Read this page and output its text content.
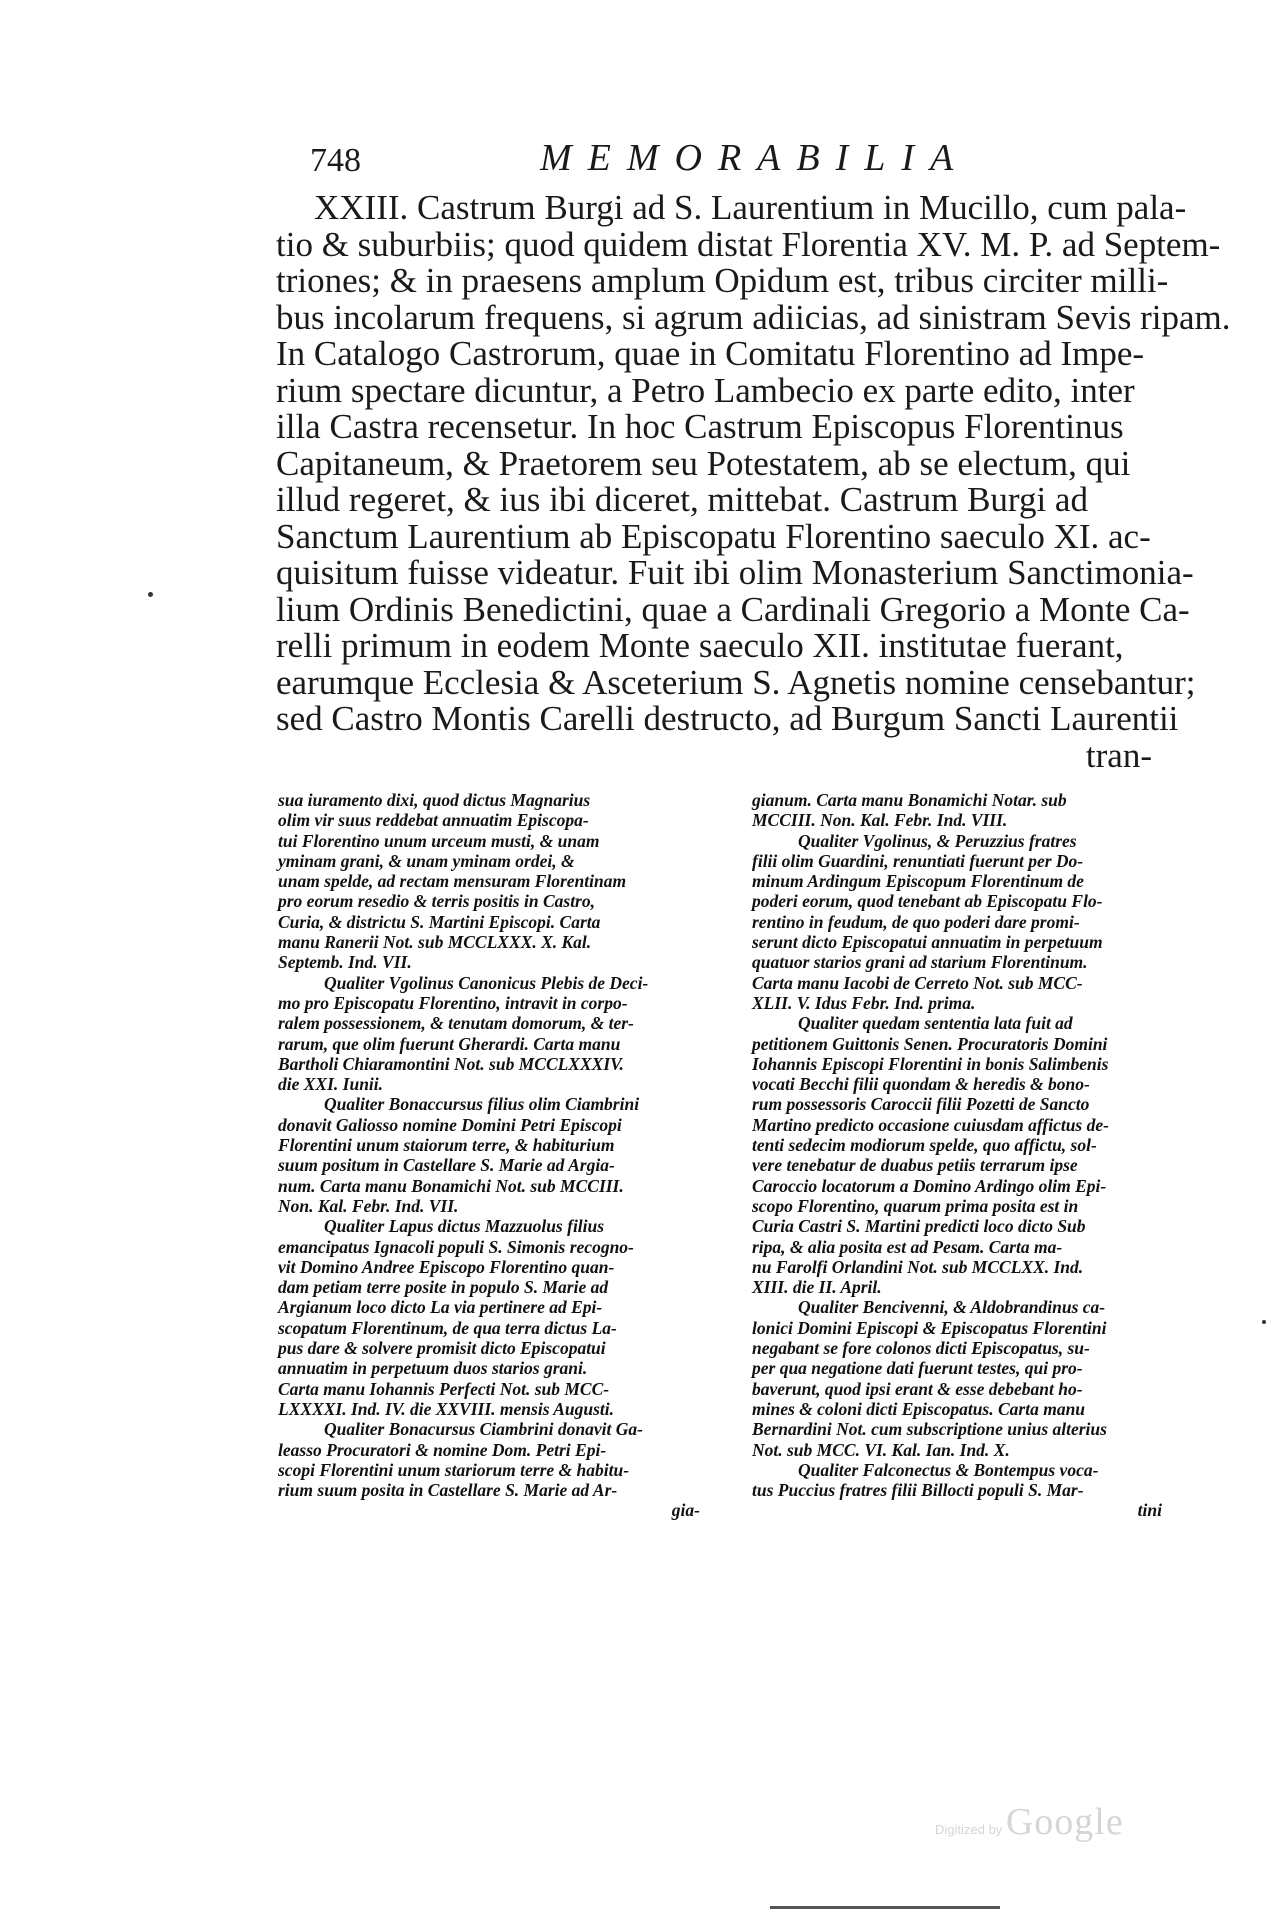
748	MEMORABILIA
XXIII. Castrum Burgi ad S. Laurentium in Mucillo, cum pala-
tio & suburbiis; quod quidem distat Florentia XV. M. P. ad Septem-
triones; & in praesens amplum Opidum est, tribus circiter milli-
bus incolarum frequens, si agrum adiicias, ad sinistram Sevis ripam.
In Catalogo Castrorum, quae in Comitatu Florentino ad Impe-
rium spectare dicuntur, a Petro Lambecio ex parte edito, inter
illa Castra recensetur. In hoc Castrum Episcopus Florentinus
Capitaneum, & Praetorem seu Potestatem, ab se electum, qui
illud regeret, & ius ibi diceret, mittebat. Castrum Burgi ad
Sanctum Laurentium ab Episcopatu Florentino saeculo XI. ac-
quisitum fuisse videatur. Fuit ibi olim Monasterium Sanctimonia-
lium Ordinis Benedictini, quae a Cardinali Gregorio a Monte Ca-
relli primum in eodem Monte saeculo XII. institutae fuerant,
earumque Ecclesia & Asceterium S. Agnetis nomine censebantur;
sed Castro Montis Carelli destructo, ad Burgum Sancti Laurentii
tran-
sua iuramento dixi, quod dictus Magnarius
olim vir suus reddebat annuatim Episcopa-
tui Florentino unum urceum musti, & unam
yminam grani, & unam yminam ordei, &
unam spelde, ad rectam mensuram Florentinam
pro eorum resedio & terris positis in Castro,
Curia, & districtu S. Martini Episcopi. Carta
manu Ranerii Not. sub MCCLXXX. X. Kal.
Septemb. Ind. VII.
Qualiter Vgolinus Canonicus Plebis de Deci-
mo pro Episcopatu Florentino, intravit in corpo-
ralem possessionem, & tenutam domorum, & ter-
rarum, que olim fuerunt Gherardi. Carta manu
Bartholi Chiaramontini Not. sub MCCLXXXIV.
die XXI. Iunii.
Qualiter Bonaccursus filius olim Ciambrini
donavit Galiosso nomine Domini Petri Episcopi
Florentini unum staiorum terre, & habiturium
suum positum in Castellare S. Marie ad Argia-
num. Carta manu Bonamichi Not. sub MCCIII.
Non. Kal. Febr. Ind. VII.
Qualiter Lapus dictus Mazzuolus filius
emancipatus Ignacoli populi S. Simonis recogno-
vit Domino Andree Episcopo Florentino quan-
dam petiam terre posite in populo S. Marie ad
Argianum loco dicto La via pertinere ad Epi-
scopatum Florentinum, de qua terra dictus La-
pus dare & solvere promisit dicto Episcopatui
annuatim in perpetuum duos starios grani.
Carta manu Iohannis Perfecti Not. sub MCC-
LXXXXI. Ind. IV. die XXVIII. mensis Augusti.
Qualiter Bonacursus Ciambrini donavit Ga-
leasso Procuratori & nomine Dom. Petri Epi-
scopi Florentini unum stariorum terre & habitu-
rium suum posita in Castellare S. Marie ad Ar-
gia-
gianum. Carta manu Bonamichi Notar. sub
MCCIII. Non. Kal. Febr. Ind. VIII.
Qualiter Vgolinus, & Peruzzius fratres
filii olim Guardini, renuntiati fuerunt per Do-
minum Ardingum Episcopum Florentinum de
poderi eorum, quod tenebant ab Episcopatu Flo-
rentino in feudum, de quo poderi dare promi-
serunt dicto Episcopatui annuatim in perpetuum
quatuor starios grani ad starium Florentinum.
Carta manu Iacobi de Cerreto Not. sub MCC-
XLII. V. Idus Febr. Ind. prima.
Qualiter quedam sententia lata fuit ad
petitionem Guittonis Senen. Procuratoris Domini
Iohannis Episcopi Florentini in bonis Salimbenis
vocati Becchi filii quondam & heredis & bono-
rum possessoris Caroccii filii Pozetti de Sancto
Martino predicto occasione cuiusdam affictus de-
tenti sedecim modiorum spelde, quo affictu, sol-
vere tenebatur de duabus petiis terrarum ipse
Caroccio locatorum a Domino Ardingo olim Epi-
scopo Florentino, quarum prima posita est in
Curia Castri S. Martini predicti loco dicto Sub
ripa, & alia posita est ad Pesam. Carta ma-
nu Farolfi Orlandini Not. sub MCCLXX. Ind.
XIII. die II. April.
Qualiter Bencivenni, & Aldobrandinus ca-
lonici Domini Episcopi & Episcopatus Florentini
negabant se fore colonos dicti Episcopatus, su-
per qua negatione dati fuerunt testes, qui pro-
baverunt, quod ipsi erant & esse debebant ho-
mines & coloni dicti Episcopatus. Carta manu
Bernardini Not. cum subscriptione unius alterius
Not. sub MCC. VI. Kal. Ian. Ind. X.
Qualiter Falconectus & Bontempus voca-
tus Puccius fratres filii Billocti populi S. Mar-
tini
Digitized by Google
